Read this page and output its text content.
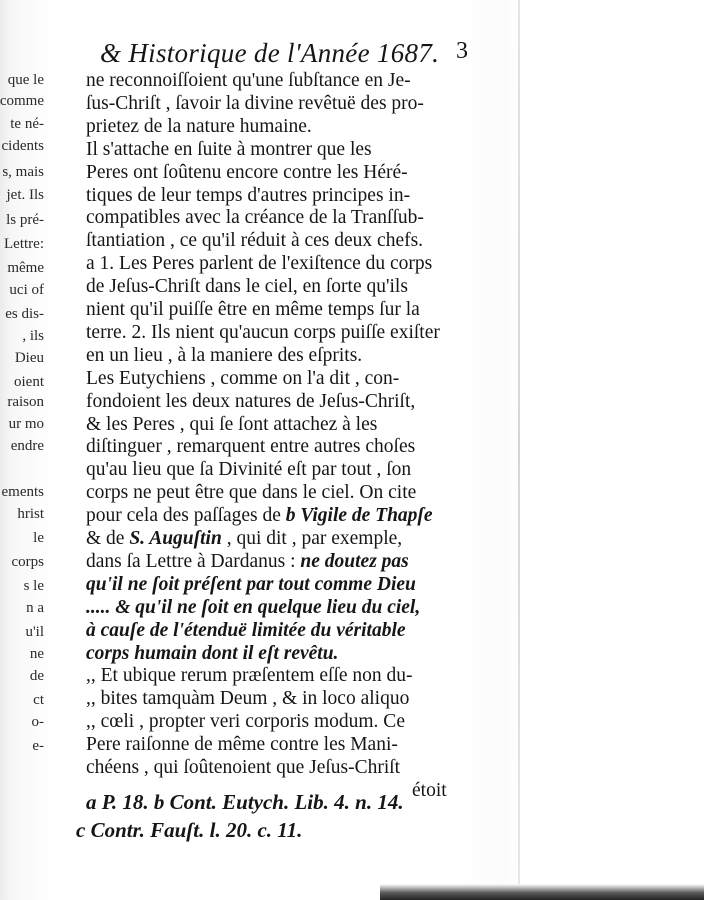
que le
comme
te né-
cidents
s, mais
jet. Ils
ls pré-
Lettre:
même
uci of
es dis-
, ils
Dieu
oient
raison
ur mo
endre
ements
hrist
le
corps
s le
n a
u'il
ne
de
ct
o-
e-
& Historique de l'Année 1687. 3
ne reconnoiſſoient qu'une ſubſtance en Je-
ſus-Chriſt , ſavoir la divine revêtuë des pro-
prietez de la nature humaine.
Il s'attache en ſuite à montrer que les
Peres ont ſoûtenu encore contre les Héré-
tiques de leur temps d'autres principes in-
compatibles avec la créance de la Tranſſub-
ſtantiation , ce qu'il réduit à ces deux chefs.
a 1. Les Peres parlent de l'exiſtence du corps
de Jeſus-Chriſt dans le ciel, en ſorte qu'ils
nient qu'il puiſſe être en même temps ſur la
terre. 2. Ils nient qu'aucun corps puiſſe exiſter
en un lieu , à la maniere des eſprits.
Les Eutychiens , comme on l'a dit , con-
fondoient les deux natures de Jeſus-Chriſt,
& les Peres , qui ſe ſont attachez à les
diſtinguer , remarquent entre autres choſes
qu'au lieu que ſa Divinité eſt par tout , ſon
corps ne peut être que dans le ciel. On cite
pour cela des paſſages de b Vigile de Thapſe
& de S. Auguſtin , qui dit , par exemple,
dans ſa Lettre à Dardanus : ne doutez pas
qu'il ne ſoit préſent par tout comme Dieu
..... & qu'il ne ſoit en quelque lieu du ciel,
à cauſe de l'étenduë limitée du véritable
corps humain dont il eſt revêtu.
,, Et ubique rerum præſentem eſſe non du-
,, bites tamquàm Deum , & in loco aliquo
,, cœli , propter veri corporis modum. Ce
Pere raiſonne de même contre les Mani-
chéens , qui ſoûtenoient que Jeſus-Chriſt
étoit
a P. 18. b Cont. Eutych. Lib. 4. n. 14.
c Contr. Fauſt. l. 20. c. 11.
